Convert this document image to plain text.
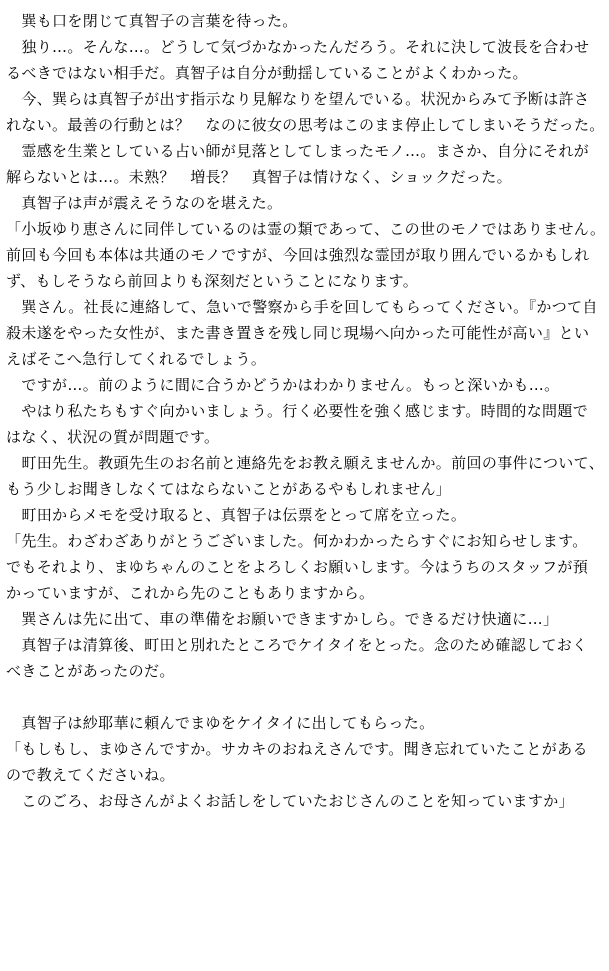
　巽も口を閉じて真智子の言葉を待った。
　独り…。そんな…。どうして気づかなかったんだろう。それに決して波長を合わせ
るべきではない相手だ。真智子は自分が動揺していることがよくわかった。
　今、巽らは真智子が出す指示なり見解なりを望んでいる。状況からみて予断は許さ
れない。最善の行動とは？　なのに彼女の思考はこのまま停止してしまいそうだった。
　霊感を生業としている占い師が見落としてしまったモノ…。まさか、自分にそれが
解らないとは…。未熟？　増長？　真智子は情けなく、ショックだった。
　真智子は声が震えそうなのを
堪えた。
「小坂ゆり恵さんに同伴しているのは霊の類であって、この世のモノではありません。
前回も今回も本体は共通のモノですが、今回は強烈な霊団が取り囲んでいるかもしれ
ず、もしそうなら前回よりも深刻だということになります。
　巽さん。社長に連絡して、急いで警察から手を回してもらってください。『かつて自
殺未遂をやった女性が、また書き置きを残し同じ現場へ向かった可能性が高い』とい
えばそこへ急行してくれるでしょう。
　ですが…。前のように間に合うかどうかはわかりません。もっと深いかも…。
　やはり私たちもすぐ向かいましょう。行く必要性を強く感じます。時間的な問題で
はなく、状況の質が問題です。
　町田先生。教頭先生のお名前と連絡先をお教え願えませんか。前回の事件について、
もう少しお聞きしなくてはならないことがあるやもしれません」
　町田からメモを受け取ると、真智子は伝票をとって席を立った。
「先生。わざわざありがとうございました。何かわかったらすぐにお知らせします。
でもそれより、まゆちゃんのことをよろしくお願いします。今はうちのスタッフが預
かっていますが、これから先のこともありますから。
　巽さんは先に出て、車の準備をお願いできますかしら。できるだけ快適に…」
　真智子は清算後、町田と別れたところでケイタイをとった。念のため確認しておく
べきことがあったのだ。
　真智子は紗耶華に頼んでまゆをケイタイに出してもらった。
「もしもし、まゆさんですか。サカキのおねえさんです。聞き忘れていたことがある
ので教えてくださいね。
　このごろ、お母さんがよくお話しをしていたおじさんのことを知っていますか」
